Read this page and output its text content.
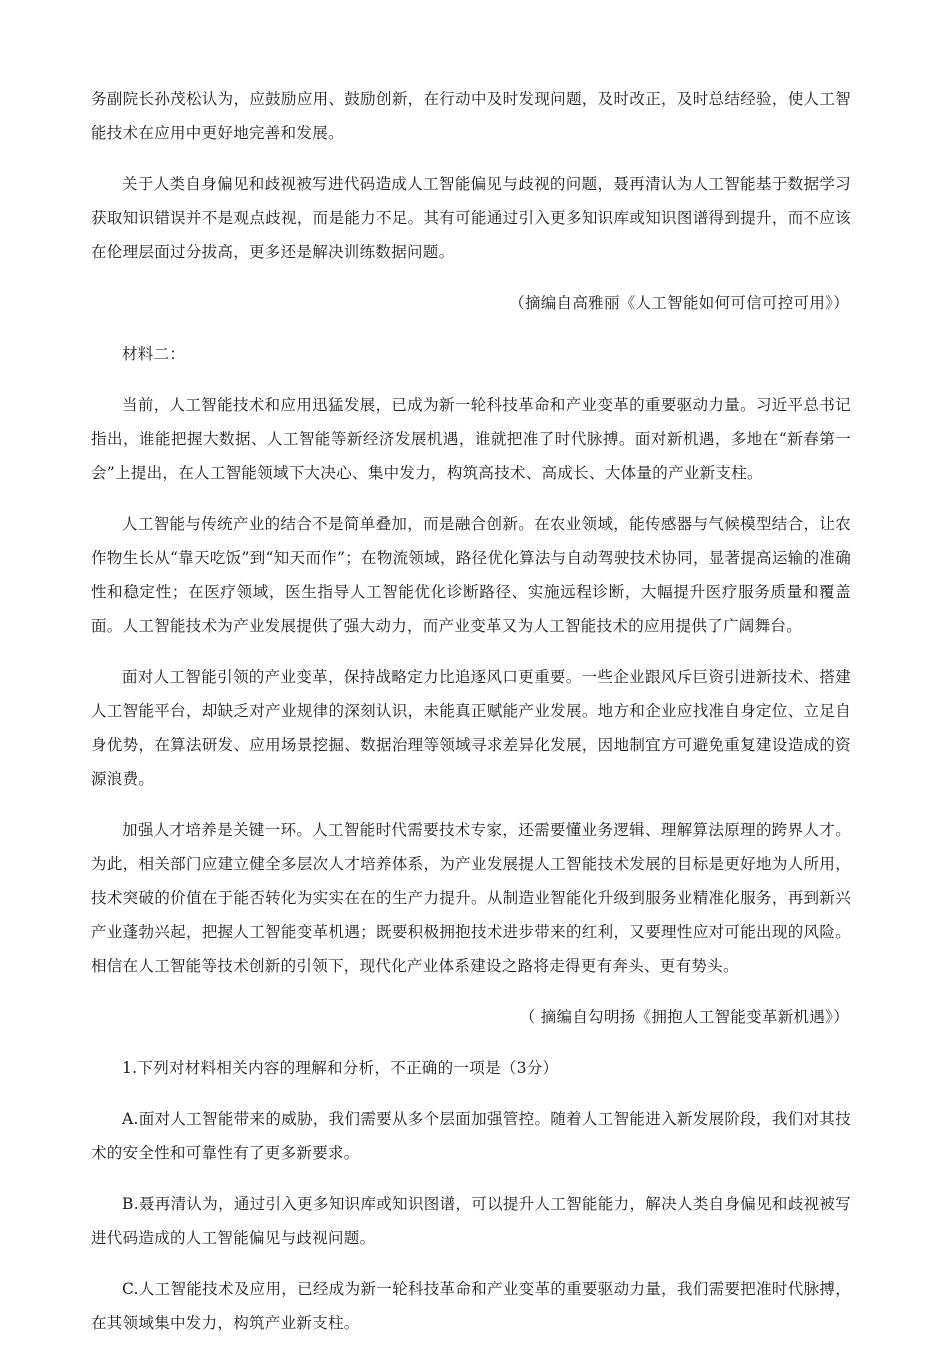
务副院长孙茂松认为，应鼓励应用、鼓励创新，在行动中及时发现问题，及时改正，及时总结经验，使人工智能技术在应用中更好地完善和发展。

关于人类自身偏见和歧视被写进代码造成人工智能偏见与歧视的问题，聂再清认为人工智能基于数据学习获取知识错误并不是观点歧视，而是能力不足。其有可能通过引入更多知识库或知识图谱得到提升，而不应该在伦理层面过分拔高，更多还是解决训练数据问题。

（摘编自高雅丽《人工智能如何可信可控可用》）

材料二：

当前，人工智能技术和应用迅猛发展，已成为新一轮科技革命和产业变革的重要驱动力量。习近平总书记指出，谁能把握大数据、人工智能等新经济发展机遇，谁就把准了时代脉搏。面对新机遇，多地在“新春第一会”上提出，在人工智能领域下大决心、集中发力，构筑高技术、高成长、大体量的产业新支柱。

人工智能与传统产业的结合不是简单叠加，而是融合创新。在农业领域，能传感器与气候模型结合，让农作物生长从“靠天吃饭”到“知天而作”；在物流领域，路径优化算法与自动驾驶技术协同，显著提高运输的准确性和稳定性；在医疗领域，医生指导人工智能优化诊断路径、实施远程诊断，大幅提升医疗服务质量和覆盖面。人工智能技术为产业发展提供了强大动力，而产业变革又为人工智能技术的应用提供了广阔舞台。

面对人工智能引领的产业变革，保持战略定力比追逐风口更重要。一些企业跟风斥巨资引进新技术、搭建人工智能平台，却缺乏对产业规律的深刻认识，未能真正赋能产业发展。地方和企业应找准自身定位、立足自身优势，在算法研发、应用场景挖掘、数据治理等领域寻求差异化发展，因地制宜方可避免重复建设造成的资源浪费。

加强人才培养是关键一环。人工智能时代需要技术专家，还需要懂业务逻辑、理解算法原理的跨界人才。为此，相关部门应建立健全多层次人才培养体系，为产业发展提人工智能技术发展的目标是更好地为人所用，技术突破的价值在于能否转化为实实在在的生产力提升。从制造业智能化升级到服务业精准化服务，再到新兴产业蓬勃兴起，把握人工智能变革机遇；既要积极拥抱技术进步带来的红利，又要理性应对可能出现的风险。相信在人工智能等技术创新的引领下，现代化产业体系建设之路将走得更有奔头、更有势头。

（ 摘编自勾明扬《拥抱人工智能变革新机遇》）

1.下列对材料相关内容的理解和分析，不正确的一项是（3分）

A.面对人工智能带来的威胁，我们需要从多个层面加强管控。随着人工智能进入新发展阶段，我们对其技术的安全性和可靠性有了更多新要求。

B.聂再清认为，通过引入更多知识库或知识图谱，可以提升人工智能能力，解决人类自身偏见和歧视被写进代码造成的人工智能偏见与歧视问题。

C.人工智能技术及应用，已经成为新一轮科技革命和产业变革的重要驱动力量，我们需要把准时代脉搏，在其领域集中发力，构筑产业新支柱。
